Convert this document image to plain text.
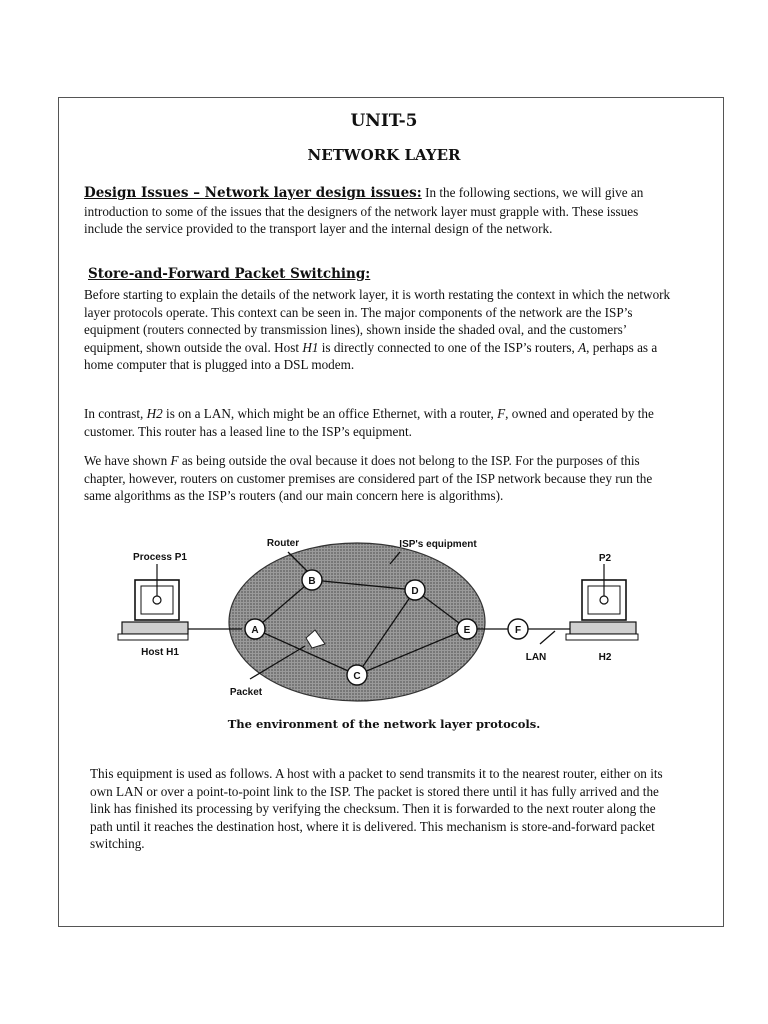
UNIT-5
NETWORK LAYER

Design Issues – Network layer design issues: In the following sections, we will give an introduction to some of the issues that the designers of the network layer must grapple with. These issues include the service provided to the transport layer and the internal design of the network.

Store-and-Forward Packet Switching:

Before starting to explain the details of the network layer, it is worth restating the context in which the network layer protocols operate. This context can be seen in. The major components of the network are the ISP’s equipment (routers connected by transmission lines), shown inside the shaded oval, and the customers’ equipment, shown outside the oval. Host H1 is directly connected to one of the ISP’s routers, A, perhaps as a home computer that is plugged into a DSL modem.

In contrast, H2 is on a LAN, which might be an office Ethernet, with a router, F, owned and operated by the customer. This router has a leased line to the ISP’s equipment.

We have shown F as being outside the oval because it does not belong to the ISP. For the purposes of this chapter, however, routers on customer premises are considered part of the ISP network because they run the same algorithms as the ISP’s routers (and our main concern here is algorithms).

A
B
C
D
E	F
Router	ISP's equipment
Process P1	P2
Host H1
Packet
LAN	H2
The environment of the network layer protocols.

This equipment is used as follows. A host with a packet to send transmits it to the nearest router, either on its own LAN or over a point-to-point link to the ISP. The packet is stored there until it has fully arrived and the link has finished its processing by verifying the checksum. Then it is forwarded to the next router along the path until it reaches the destination host, where it is delivered. This mechanism is store-and-forward packet switching.
